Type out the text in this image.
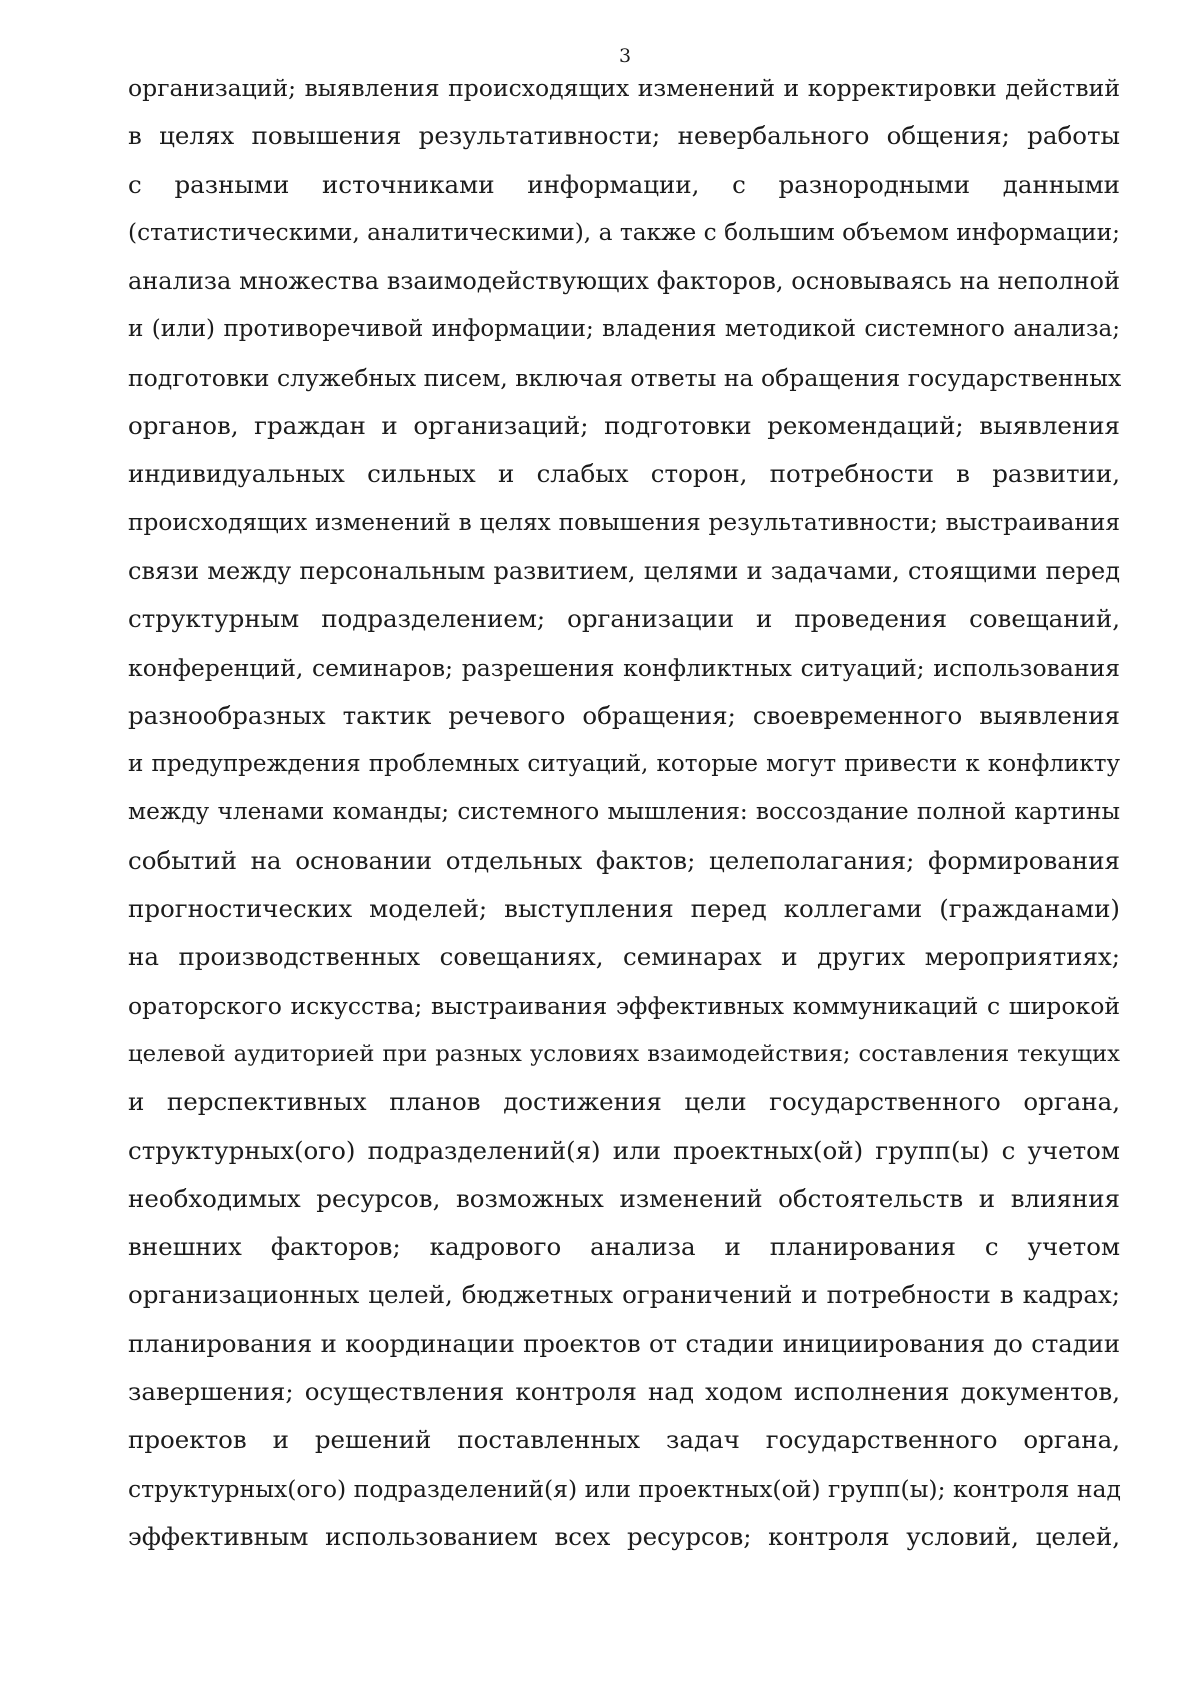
3
организаций; выявления происходящих изменений и корректировки действий
в целях повышения результативности; невербального общения; работы
с разными источниками информации, с разнородными данными
(статистическими, аналитическими), а также с большим объемом информации;
анализа множества взаимодействующих факторов, основываясь на неполной
и (или) противоречивой информации; владения методикой системного анализа;
подготовки служебных писем, включая ответы на обращения государственных
органов, граждан и организаций; подготовки рекомендаций; выявления
индивидуальных сильных и слабых сторон, потребности в развитии,
происходящих изменений в целях повышения результативности; выстраивания
связи между персональным развитием, целями и задачами, стоящими перед
структурным подразделением; организации и проведения совещаний,
конференций, семинаров; разрешения конфликтных ситуаций; использования
разнообразных тактик речевого обращения; своевременного выявления
и предупреждения проблемных ситуаций, которые могут привести к конфликту
между членами команды; системного мышления: воссоздание полной картины
событий на основании отдельных фактов; целеполагания; формирования
прогностических моделей; выступления перед коллегами (гражданами)
на производственных совещаниях, семинарах и других мероприятиях;
ораторского искусства; выстраивания эффективных коммуникаций с широкой
целевой аудиторией при разных условиях взаимодействия; составления текущих
и перспективных планов достижения цели государственного органа,
структурных(ого) подразделений(я) или проектных(ой) групп(ы) с учетом
необходимых ресурсов, возможных изменений обстоятельств и влияния
внешних факторов; кадрового анализа и планирования с учетом
организационных целей, бюджетных ограничений и потребности в кадрах;
планирования и координации проектов от стадии инициирования до стадии
завершения; осуществления контроля над ходом исполнения документов,
проектов и решений поставленных задач государственного органа,
структурных(ого) подразделений(я) или проектных(ой) групп(ы); контроля над
эффективным использованием всех ресурсов; контроля условий, целей,
